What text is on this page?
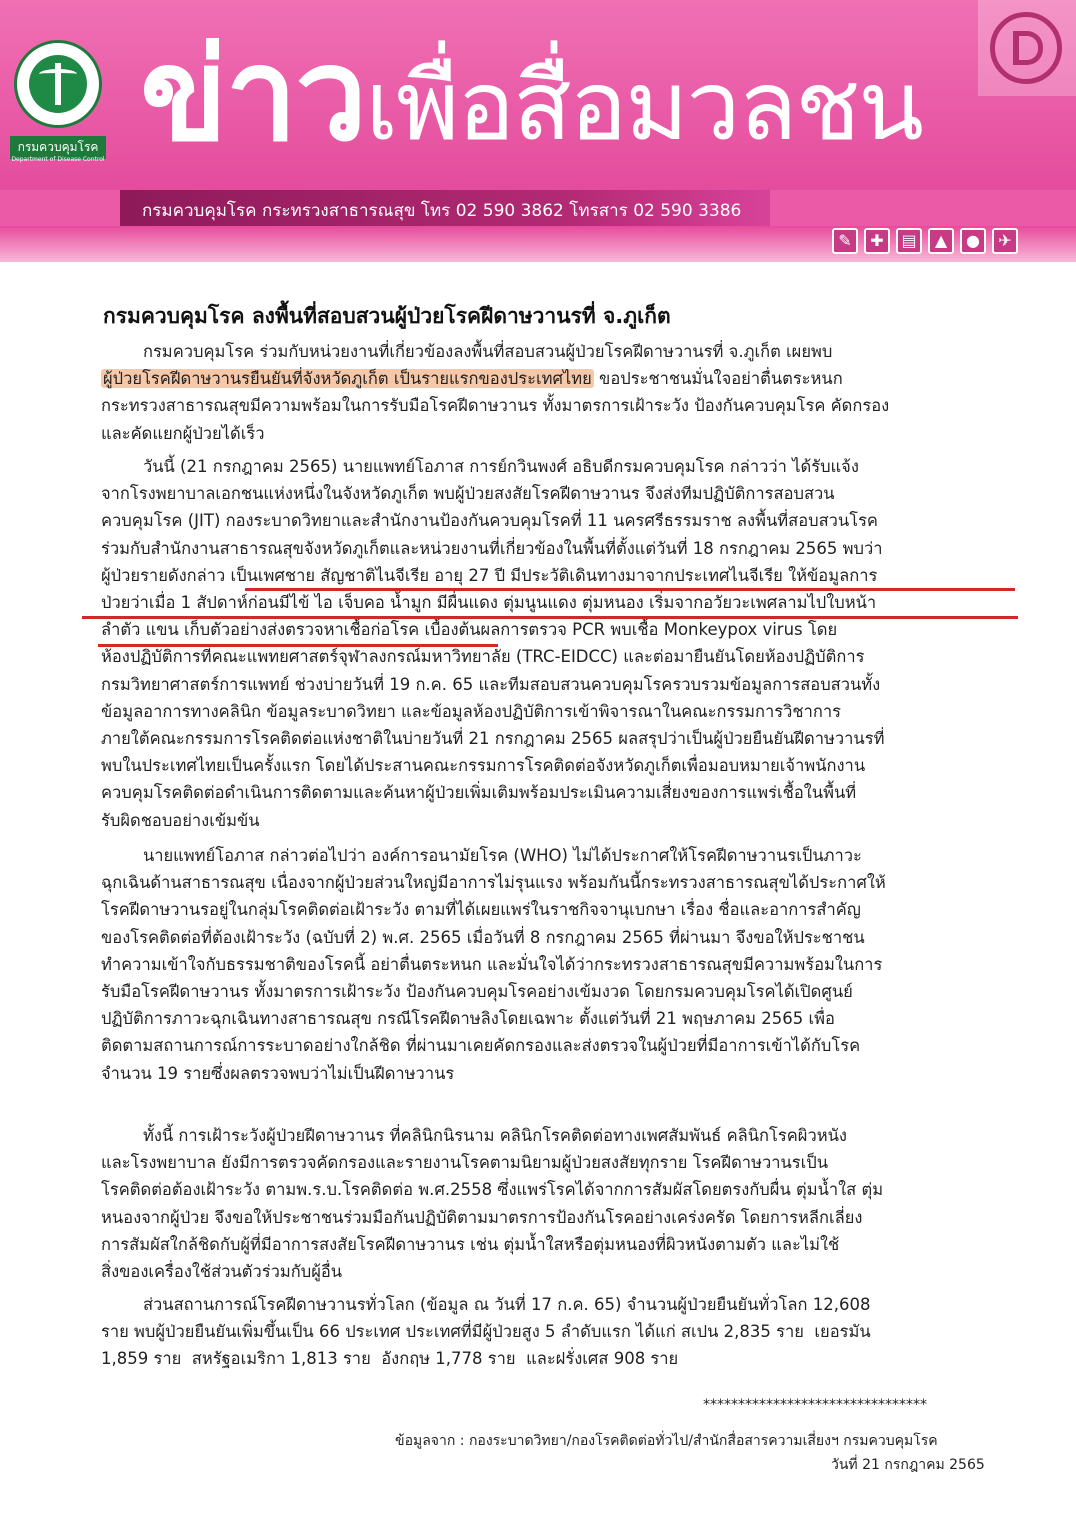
กรมควบคุมโรค
Department of Disease Control ข่าวเพื่อสื่อมวลชน
กรมควบคุมโรค กระทรวงสาธารณสุข โทร 02 590 3862 โทรสาร 02 590 3386
✎	✚	▤	▲	●	✈
กรมควบคุมโรค ลงพื้นที่สอบสวนผู้ป่วยโรคฝีดาษวานรที่ จ.ภูเก็ต
กรมควบคุมโรค ร่วมกับหน่วยงานที่เกี่ยวข้องลงพื้นที่สอบสวนผู้ป่วยโรคฝีดาษวานรที่ จ.ภูเก็ต เผยพบ
ผู้ป่วยโรคฝีดาษวานรยืนยันที่จังหวัดภูเก็ต เป็นรายแรกของประเทศไทย ขอประชาชนมั่นใจอย่าตื่นตระหนก
กระทรวงสาธารณสุขมีความพร้อมในการรับมือโรคฝีดาษวานร ทั้งมาตรการเฝ้าระวัง ป้องกันควบคุมโรค คัดกรอง
และคัดแยกผู้ป่วยได้เร็ว
วันนี้ (21 กรกฎาคม 2565) นายแพทย์โอภาส การย์กวินพงศ์ อธิบดีกรมควบคุมโรค กล่าวว่า ได้รับแจ้ง
จากโรงพยาบาลเอกชนแห่งหนึ่งในจังหวัดภูเก็ต พบผู้ป่วยสงสัยโรคฝีดาษวานร จึงส่งทีมปฏิบัติการสอบสวน
ควบคุมโรค (JIT) กองระบาดวิทยาและสำนักงานป้องกันควบคุมโรคที่ 11 นครศรีธรรมราช ลงพื้นที่สอบสวนโรค
ร่วมกับสำนักงานสาธารณสุขจังหวัดภูเก็ตและหน่วยงานที่เกี่ยวข้องในพื้นที่ตั้งแต่วันที่ 18 กรกฎาคม 2565 พบว่า
ผู้ป่วยรายดังกล่าว เป็นเพศชาย สัญชาติไนจีเรีย อายุ 27 ปี มีประวัติเดินทางมาจากประเทศไนจีเรีย ให้ข้อมูลการ
ป่วยว่าเมื่อ 1 สัปดาห์ก่อนมีไข้ ไอ เจ็บคอ น้ำมูก มีผื่นแดง ตุ่มนูนแดง ตุ่มหนอง เริ่มจากอวัยวะเพศลามไปใบหน้า
ลำตัว แขน เก็บตัวอย่างส่งตรวจหาเชื้อก่อโรค เบื้องต้นผลการตรวจ PCR พบเชื้อ Monkeypox virus โดย
ห้องปฏิบัติการที่คณะแพทยศาสตร์จุฬาลงกรณ์มหาวิทยาลัย (TRC-EIDCC) และต่อมายืนยันโดยห้องปฏิบัติการ
กรมวิทยาศาสตร์การแพทย์ ช่วงบ่ายวันที่ 19 ก.ค. 65 และทีมสอบสวนควบคุมโรครวบรวมข้อมูลการสอบสวนทั้ง
ข้อมูลอาการทางคลินิก ข้อมูลระบาดวิทยา และข้อมูลห้องปฏิบัติการเข้าพิจารณาในคณะกรรมการวิชาการ
ภายใต้คณะกรรมการโรคติดต่อแห่งชาติในบ่ายวันที่ 21 กรกฎาคม 2565 ผลสรุปว่าเป็นผู้ป่วยยืนยันฝีดาษวานรที่
พบในประเทศไทยเป็นครั้งแรก โดยได้ประสานคณะกรรมการโรคติดต่อจังหวัดภูเก็ตเพื่อมอบหมายเจ้าพนักงาน
ควบคุมโรคติดต่อดำเนินการติดตามและค้นหาผู้ป่วยเพิ่มเติมพร้อมประเมินความเสี่ยงของการแพร่เชื้อในพื้นที่
รับผิดชอบอย่างเข้มข้น
นายแพทย์โอภาส กล่าวต่อไปว่า องค์การอนามัยโรค (WHO) ไม่ได้ประกาศให้โรคฝีดาษวานรเป็นภาวะ
ฉุกเฉินด้านสาธารณสุข เนื่องจากผู้ป่วยส่วนใหญ่มีอาการไม่รุนแรง พร้อมกันนี้กระทรวงสาธารณสุขได้ประกาศให้
โรคฝีดาษวานรอยู่ในกลุ่มโรคติดต่อเฝ้าระวัง ตามที่ได้เผยแพร่ในราชกิจจานุเบกษา เรื่อง ชื่อและอาการสำคัญ
ของโรคติดต่อที่ต้องเฝ้าระวัง (ฉบับที่ 2) พ.ศ. 2565 เมื่อวันที่ 8 กรกฎาคม 2565 ที่ผ่านมา จึงขอให้ประชาชน
ทำความเข้าใจกับธรรมชาติของโรคนี้ อย่าตื่นตระหนก และมั่นใจได้ว่ากระทรวงสาธารณสุขมีความพร้อมในการ
รับมือโรคฝีดาษวานร ทั้งมาตรการเฝ้าระวัง ป้องกันควบคุมโรคอย่างเข้มงวด โดยกรมควบคุมโรคได้เปิดศูนย์
ปฏิบัติการภาวะฉุกเฉินทางสาธารณสุข กรณีโรคฝีดาษลิงโดยเฉพาะ ตั้งแต่วันที่ 21 พฤษภาคม 2565 เพื่อ
ติดตามสถานการณ์การระบาดอย่างใกล้ชิด ที่ผ่านมาเคยคัดกรองและส่งตรวจในผู้ป่วยที่มีอาการเข้าได้กับโรค
จำนวน 19 รายซึ่งผลตรวจพบว่าไม่เป็นฝีดาษวานร
ทั้งนี้ การเฝ้าระวังผู้ป่วยฝีดาษวานร ที่คลินิกนิรนาม คลินิกโรคติดต่อทางเพศสัมพันธ์ คลินิกโรคผิวหนัง
และโรงพยาบาล ยังมีการตรวจคัดกรองและรายงานโรคตามนิยามผู้ป่วยสงสัยทุกราย โรคฝีดาษวานรเป็น
โรคติดต่อต้องเฝ้าระวัง ตามพ.ร.บ.โรคติดต่อ พ.ศ.2558 ซึ่งแพร่โรคได้จากการสัมผัสโดยตรงกับผื่น ตุ่มน้ำใส ตุ่ม
หนองจากผู้ป่วย จึงขอให้ประชาชนร่วมมือกันปฏิบัติตามมาตรการป้องกันโรคอย่างเคร่งครัด โดยการหลีกเลี่ยง
การสัมผัสใกล้ชิดกับผู้ที่มีอาการสงสัยโรคฝีดาษวานร เช่น ตุ่มน้ำใสหรือตุ่มหนองที่ผิวหนังตามตัว และไม่ใช้
สิ่งของเครื่องใช้ส่วนตัวร่วมกับผู้อื่น
ส่วนสถานการณ์โรคฝีดาษวานรทั่วโลก (ข้อมูล ณ วันที่ 17 ก.ค. 65) จำนวนผู้ป่วยยืนยันทั่วโลก 12,608
ราย พบผู้ป่วยยืนยันเพิ่มขึ้นเป็น 66 ประเทศ ประเทศที่มีผู้ป่วยสูง 5 ลำดับแรก ได้แก่ สเปน 2,835 ราย  เยอรมัน
1,859 ราย  สหรัฐอเมริกา 1,813 ราย  อังกฤษ 1,778 ราย  และฝรั่งเศส 908 ราย
********************************
ข้อมูลจาก : กองระบาดวิทยา/กองโรคติดต่อทั่วไป/สำนักสื่อสารความเสี่ยงฯ กรมควบคุมโรค
วันที่ 21 กรกฎาคม 2565
